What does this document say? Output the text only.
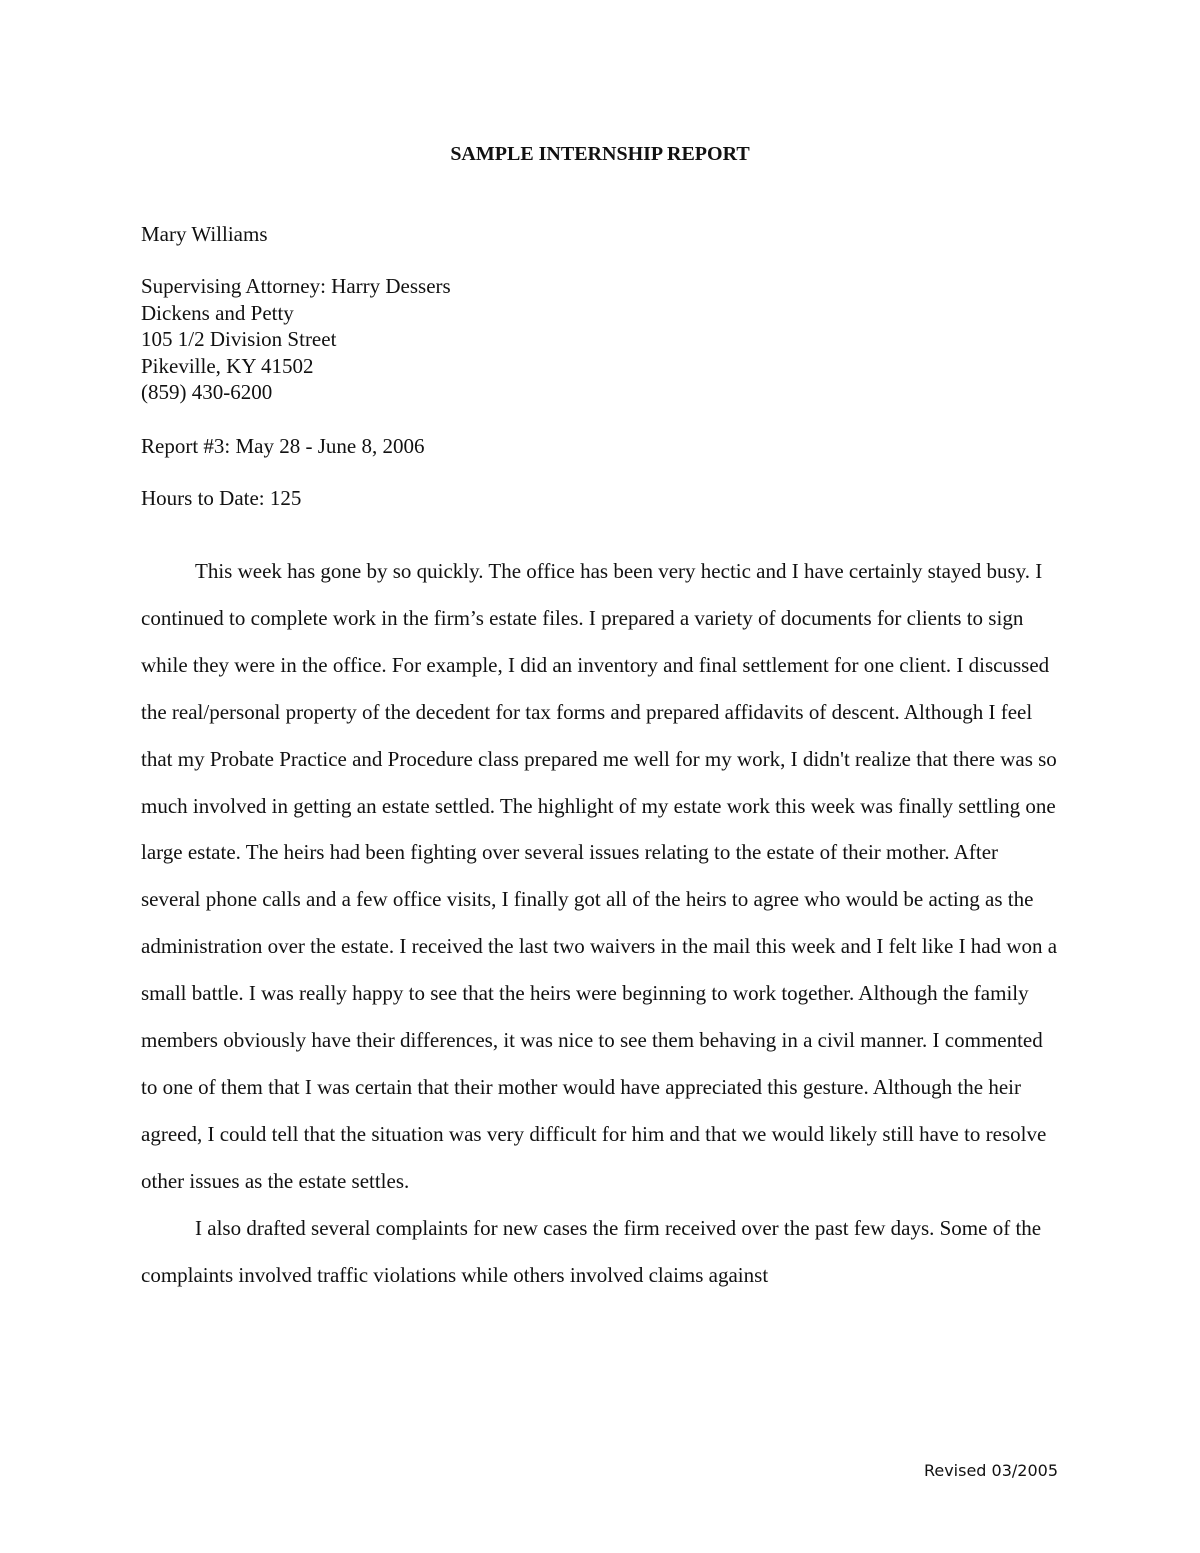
SAMPLE INTERNSHIP REPORT
Mary Williams
Supervising Attorney: Harry Dessers
Dickens and Petty
105 1/2 Division Street
Pikeville, KY 41502
(859) 430-6200
Report #3: May 28 - June 8, 2006
Hours to Date: 125

This week has gone by so quickly. The office has been very hectic and I have certainly stayed busy. I continued to complete work in the firm’s estate files. I prepared a variety of documents for clients to sign while they were in the office. For example, I did an inventory and final settlement for one client. I discussed the real/personal property of the decedent for tax forms and prepared affidavits of descent. Although I feel that my Probate Practice and Procedure class prepared me well for my work, I didn't realize that there was so much involved in getting an estate settled. The highlight of my estate work this week was finally settling one large estate. The heirs had been fighting over several issues relating to the estate of their mother. After several phone calls and a few office visits, I finally got all of the heirs to agree who would be acting as the administration over the estate. I received the last two waivers in the mail this week and I felt like I had won a small battle. I was really happy to see that the heirs were beginning to work together. Although the family members obviously have their differences, it was nice to see them behaving in a civil manner. I commented to one of them that I was certain that their mother would have appreciated this gesture. Although the heir agreed, I could tell that the situation was very difficult for him and that we would likely still have to resolve other issues as the estate settles.

I also drafted several complaints for new cases the firm received over the past few days. Some of the complaints involved traffic violations while others involved claims against

Revised 03/2005
